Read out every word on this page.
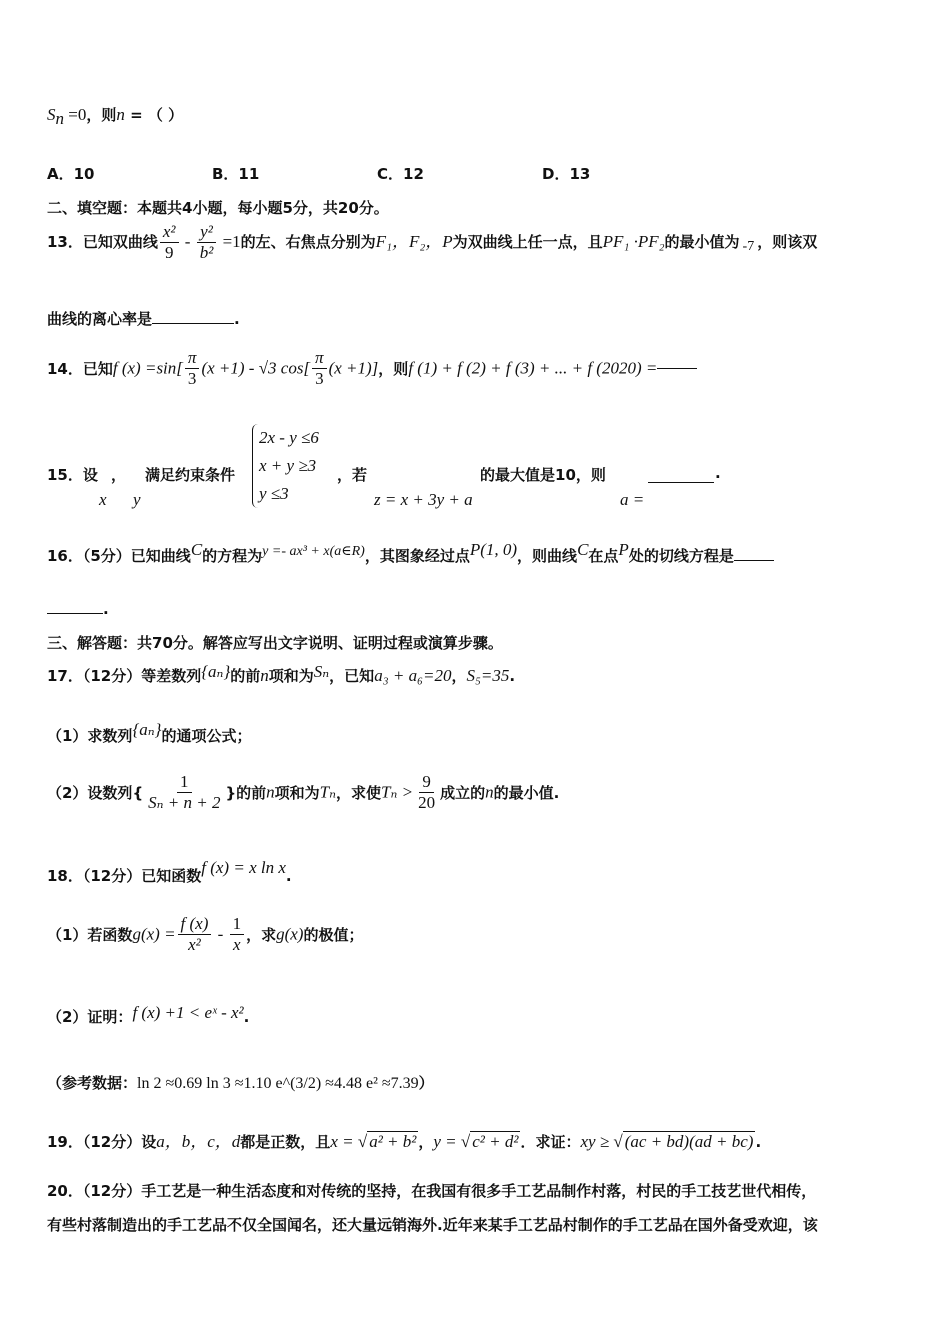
$S_n =0$，则n = （ ）
A．10	B．11	C．12	D．13
二、填空题：本题共4小题，每小题5分，共20分。
13．已知双曲线 $\frac{\text{x²}}{9} - \frac{\text{y²}}{\text{b²}} =1$的左、右焦点分别为F₁，F₂，P为双曲线上任一点，且PF₁ ·PF₂的最小值为 -7 ，则该双
曲线的离心率是	.
14．已知f $(x) =\sin[ \frac{\pi}{3} (x +1) - √3$ $\cos[ \frac{\pi}{3} (x +1)]$，则f (1) + f (2) + f (3) + ... + f (2020) =
15．设 ，
x y
满足约束条件
2x - y ≤6
x + y ≥3
y ≤3
，若
z = x + 3y + a
的最大值是10，则	.
a =
16．（5分）已知曲线C的方程为y =- ax³ + x(a∈R)，其图象经过点P(1, 0)，则曲线C在点P处的切线方程是
.
三、解答题：共70分。解答应写出文字说明、证明过程或演算步骤。
17．（12分）等差数列{aₙ}的前n项和为Sₙ，已知a₃ + a₆=20，S₅=35.
（1）求数列{aₙ}的通项公式；
（2）设数列{ $\frac{1}{\text{Sₙ + n + 2}}$ }的前n项和为Tₙ，求使$T_n > \frac{9}{20}$ 成立的n的最小值.
18．（12分）已知函数f (x) = x ln x.
（1）若函数$g(x) = \frac{f (x)}{\text{x²}} - \frac{1}{x}$ ，求g(x)的极值；
（2）证明：f (x) +1 < eˣ - x².
（参考数据：ln 2 ≈0.69 ln 3 ≈1.10 e^(3/2) ≈4.48 e² ≈7.39）
19．（12分）设a，b，c，d都是正数，且x = √ a² + b² ，y = √ c² + d² ．求证：xy ≥ √ (ac + bd)(ad + bc) .
20．（12分）手工艺是一种生活态度和对传统的坚持，在我国有很多手工艺品制作村落，村民的手工技艺世代相传，
有些村落制造出的手工艺品不仅全国闻名，还大量远销海外.近年来某手工艺品村制作的手工艺品在国外备受欢迎，该
